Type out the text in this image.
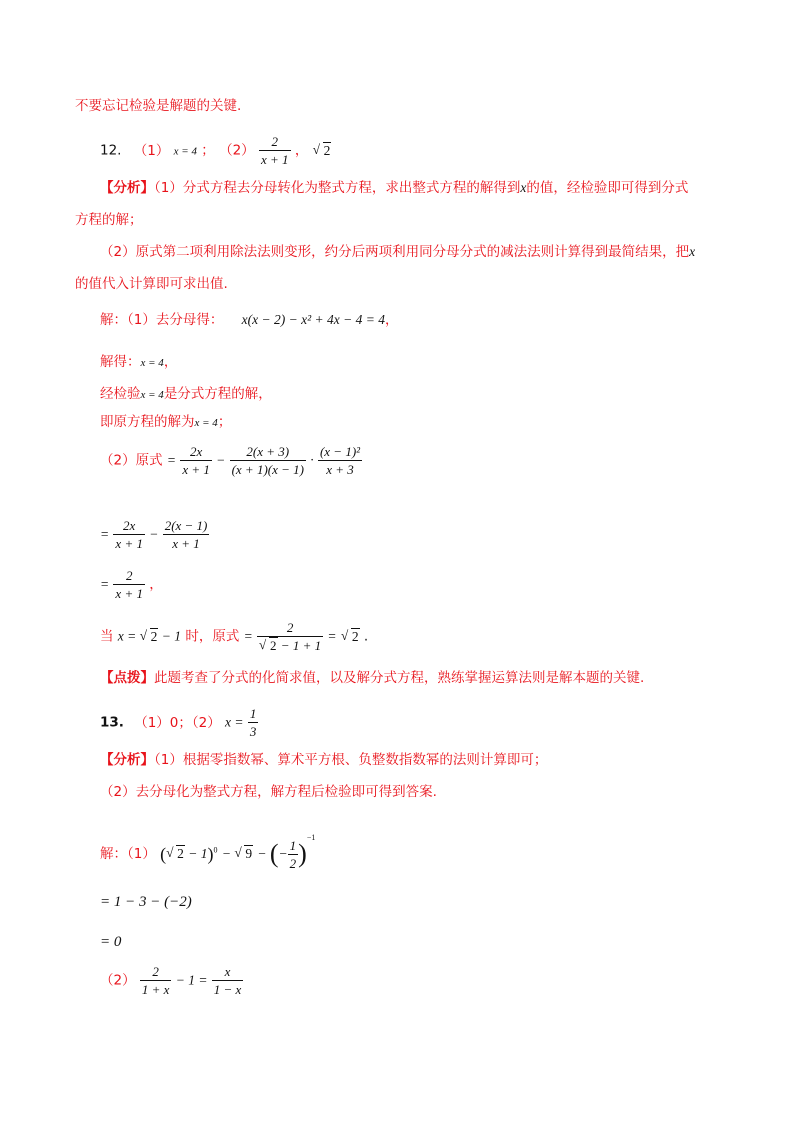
不要忘记检验是解题的关键.
12. （1） x = 4 ； $(2) \frac{2}{x + 1}$ ， √ 2
【分析】（1）分式方程去分母转化为整式方程，求出整式方程的解得到x的值，经检验即可得到分式
方程的解；
（2）原式第二项利用除法法则变形，约分后两项利用同分母分式的减法法则计算得到最简结果，把x
的值代入计算即可求出值.
解：（1）去分母得： x(x − 2) − x² + 4x − 4 = 4，
解得：x = 4，
经检验x = 4是分式方程的解，
即原方程的解为x = 4；
（2）原式 = $\frac{2x}{x + 1} - \frac{2(x + 3)}{(x + 1)(x - 1)} \cdot \frac{\text{(x − 1)²}}{x + 3}$
= $\frac{2x}{x + 1} - \frac{2(x - 1)}{x + 1}$
= $\frac{2}{x + 1}$ ，
当 x = √ 2 − 1 时，原式 = 2
√ 2 − 1 + 1 = √ 2 .
【点拨】此题考查了分式的化简求值，以及解分式方程，熟练掌握运算法则是解本题的关键.
13. （1）0；（2） $x = \frac{1}{3}$
【分析】（1）根据零指数幂、算术平方根、负整数指数幂的法则计算即可；
（2）去分母化为整式方程，解方程后检验即可得到答案.
解：（1） ( √ 2 − 1)$^0$ − √ 9 − (− $\frac{1}{2} )^{-1}$
= 1 − 3 − (−2)
= 0
$(2) \frac{2}{1 + x} - 1 = \frac{x}{1 - x}$
